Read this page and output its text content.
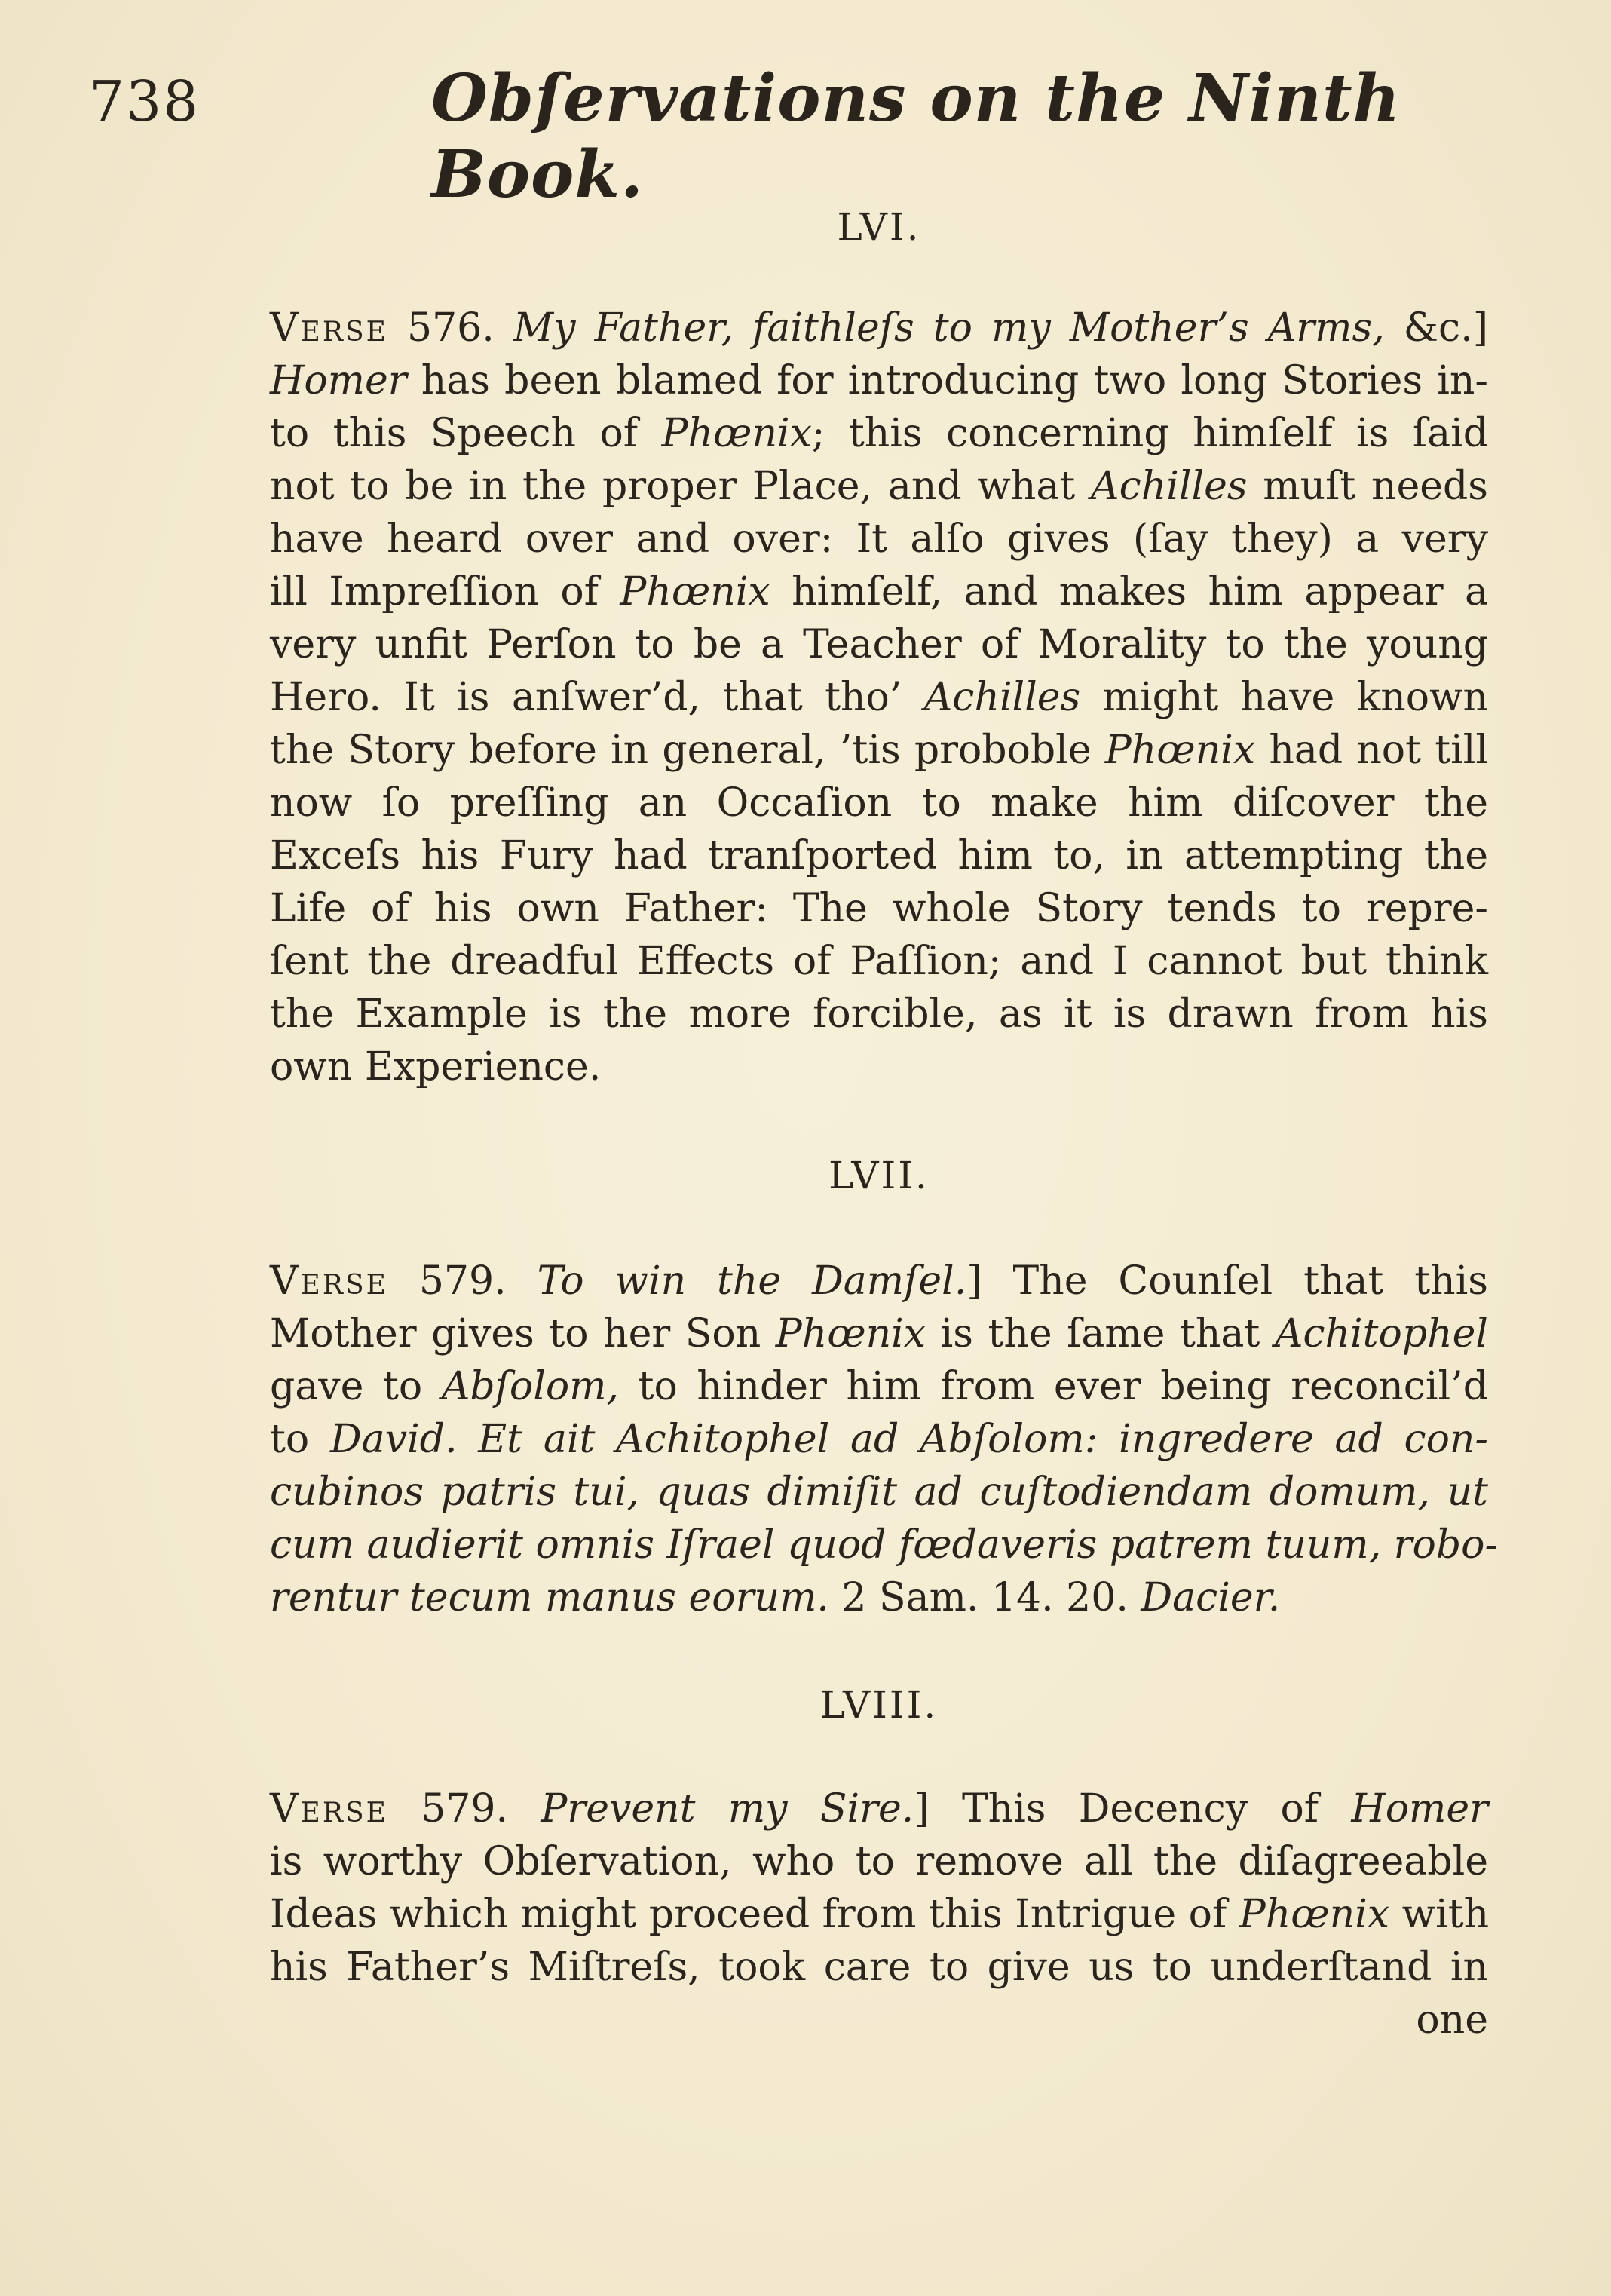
738	Obſervations on the Ninth Book.

LVI.

Verse 576. My Father, faithleſs to my Mother’s Arms, &c.]
Homer has been blamed for introducing two long Stories in-
to this Speech of Phœnix; this concerning himſelf is ſaid
not to be in the proper Place, and what Achilles muſt needs
have heard over and over: It alſo gives (ſay they) a very
ill Impreſſion of Phœnix himſelf, and makes him appear a
very unfit Perſon to be a Teacher of Morality to the young
Hero. It is anſwer’d, that tho’ Achilles might have known
the Story before in general, ’tis proboble Phœnix had not till
now ſo preſſing an Occaſion to make him diſcover the
Exceſs his Fury had tranſported him to, in attempting the
Life of his own Father: The whole Story tends to repre-
ſent the dreadful Effects of Paſſion; and I cannot but think
the Example is the more forcible, as it is drawn from his
own Experience.

LVII.

Verse 579. To win the Damſel.] The Counſel that this
Mother gives to her Son Phœnix is the ſame that Achitophel
gave to Abſolom, to hinder him from ever being reconcil’d
to David. Et ait Achitophel ad Abſolom: ingredere ad con-
cubinos patris tui, quas dimiſit ad cuſtodiendam domum, ut
cum audierit omnis Iſrael quod fœdaveris patrem tuum, robo-
rentur tecum manus eorum. 2 Sam. 14. 20. Dacier.

LVIII.

Verse 579. Prevent my Sire.] This Decency of Homer
is worthy Obſervation, who to remove all the diſagreeable
Ideas which might proceed from this Intrigue of Phœnix with
his Father’s Miſtreſs, took care to give us to underſtand in
one
